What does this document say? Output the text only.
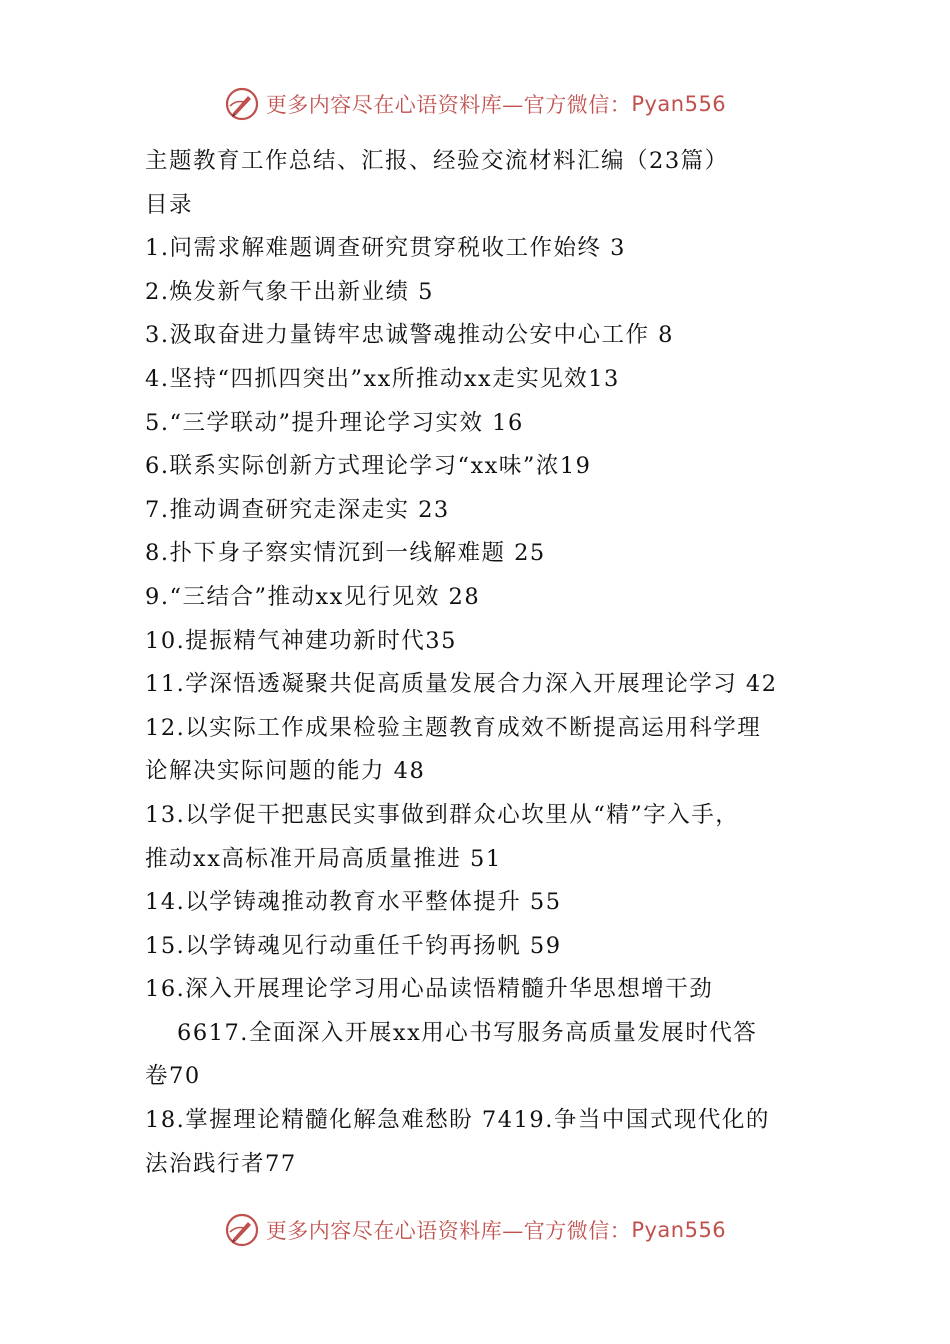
更多内容尽在心语资料库—官方微信： Pyan556
主题教育工作总结、汇报、经验交流材料汇编（23篇）
目录
1.问需求解难题调查研究贯穿税收工作始终 3
2.焕发新气象干出新业绩 5
3.汲取奋进力量铸牢忠诚警魂推动公安中心工作 8
4.坚持“四抓四突出”xx所推动xx走实见效13
5.“三学联动”提升理论学习实效 16
6.联系实际创新方式理论学习“xx味”浓19
7.推动调查研究走深走实 23
8.扑下身子察实情沉到一线解难题 25
9.“三结合”推动xx见行见效 28
10.提振精气神建功新时代35
11.学深悟透凝聚共促高质量发展合力深入开展理论学习 42
12.以实际工作成果检验主题教育成效不断提高运用科学理
论解决实际问题的能力 48
13.以学促干把惠民实事做到群众心坎里从“精”字入手，
推动xx高标准开局高质量推进 51
14.以学铸魂推动教育水平整体提升 55
15.以学铸魂见行动重任千钧再扬帆 59
16.深入开展理论学习用心品读悟精髓升华思想增干劲
6617.全面深入开展xx用心书写服务高质量发展时代答
卷70
18.掌握理论精髓化解急难愁盼 7419.争当中国式现代化的
法治践行者77
更多内容尽在心语资料库—官方微信： Pyan556
